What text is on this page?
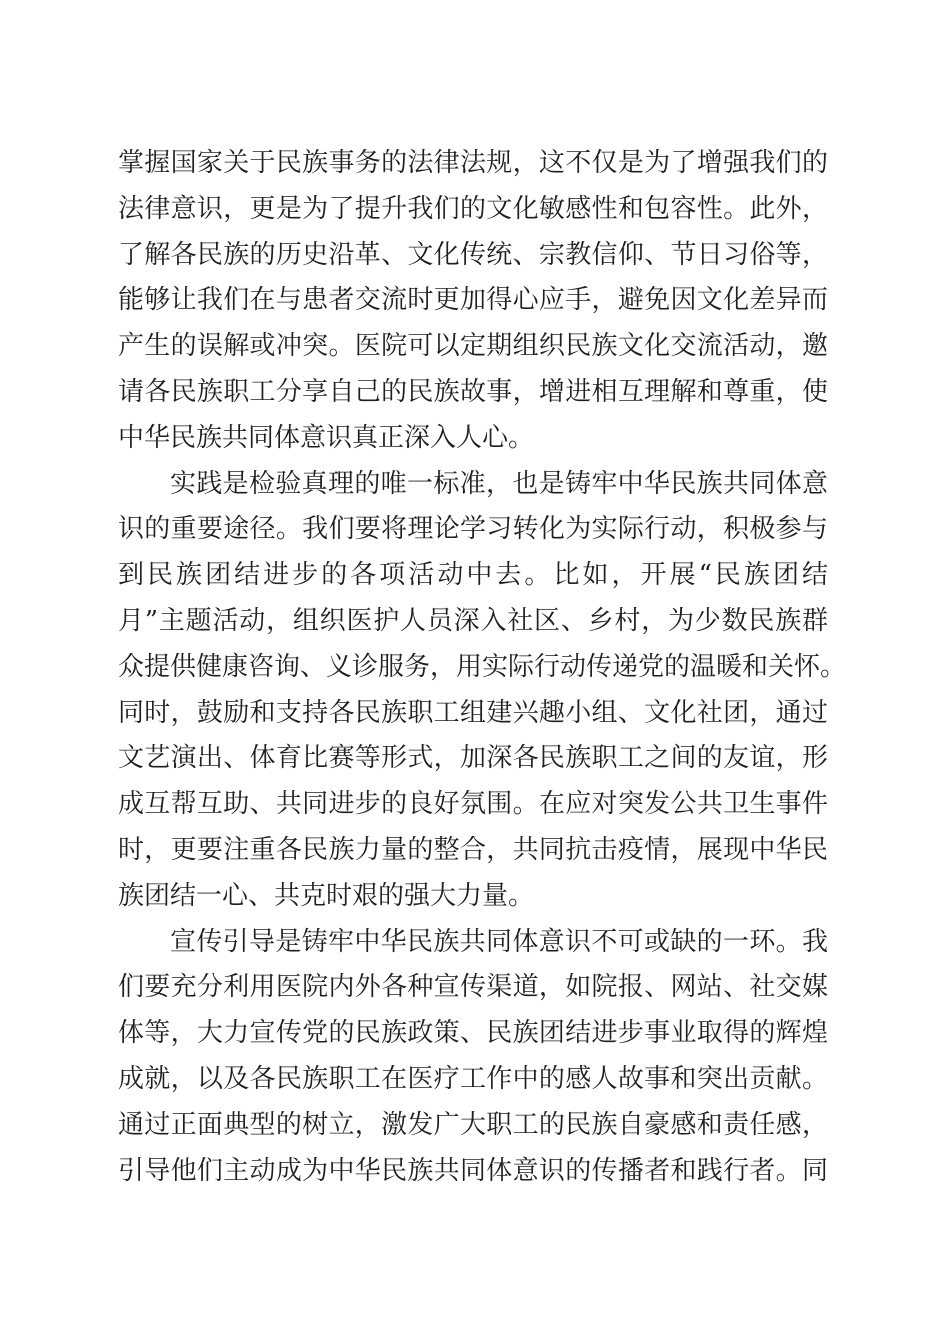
掌握国家关于民族事务的法律法规，这不仅是为了增强我们的
法律意识，更是为了提升我们的文化敏感性和包容性。此外，
了解各民族的历史沿革、文化传统、宗教信仰、节日习俗等，
能够让我们在与患者交流时更加得心应手，避免因文化差异而
产生的误解或冲突。医院可以定期组织民族文化交流活动，邀
请各民族职工分享自己的民族故事，增进相互理解和尊重，使
中华民族共同体意识真正深入人心。
实践是检验真理的唯一标准，也是铸牢中华民族共同体意
识的重要途径。我们要将理论学习转化为实际行动，积极参与
到民族团结进步的各项活动中去。比如，开展“民族团结
月”主题活动，组织医护人员深入社区、乡村，为少数民族群
众提供健康咨询、义诊服务，用实际行动传递党的温暖和关怀。
同时，鼓励和支持各民族职工组建兴趣小组、文化社团，通过
文艺演出、体育比赛等形式，加深各民族职工之间的友谊，形
成互帮互助、共同进步的良好氛围。在应对突发公共卫生事件
时，更要注重各民族力量的整合，共同抗击疫情，展现中华民
族团结一心、共克时艰的强大力量。
宣传引导是铸牢中华民族共同体意识不可或缺的一环。我
们要充分利用医院内外各种宣传渠道，如院报、网站、社交媒
体等，大力宣传党的民族政策、民族团结进步事业取得的辉煌
成就，以及各民族职工在医疗工作中的感人故事和突出贡献。
通过正面典型的树立，激发广大职工的民族自豪感和责任感，
引导他们主动成为中华民族共同体意识的传播者和践行者。同
